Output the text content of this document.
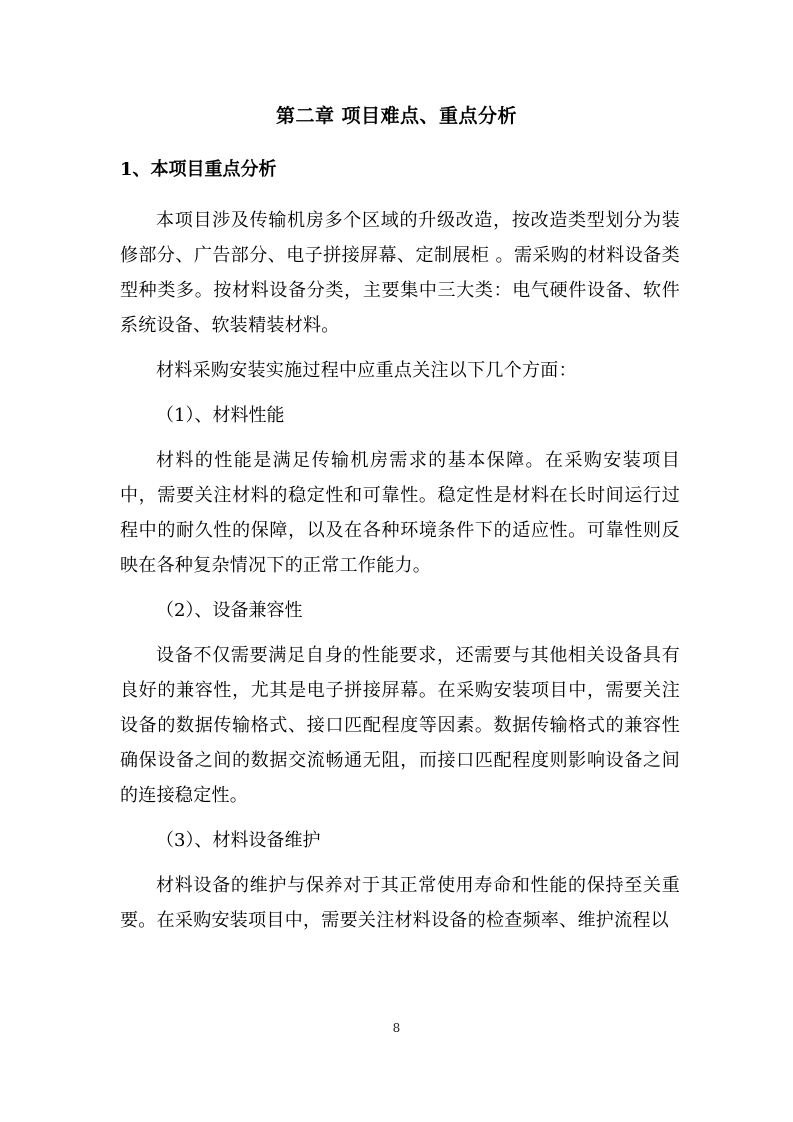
第二章 项目难点、重点分析
1、本项目重点分析

本项目涉及传输机房多个区域的升级改造，按改造类型划分为装修部分、广告部分、电子拼接屏幕、定制展柜 。需采购的材料设备类型种类多。按材料设备分类，主要集中三大类：电气硬件设备、软件系统设备、软装精装材料。

材料采购安装实施过程中应重点关注以下几个方面：

（1）、材料性能

材料的性能是满足传输机房需求的基本保障。在采购安装项目中，需要关注材料的稳定性和可靠性。稳定性是材料在长时间运行过程中的耐久性的保障，以及在各种环境条件下的适应性。可靠性则反映在各种复杂情况下的正常工作能力。

（2）、设备兼容性

设备不仅需要满足自身的性能要求，还需要与其他相关设备具有良好的兼容性，尤其是电子拼接屏幕。在采购安装项目中，需要关注设备的数据传输格式、接口匹配程度等因素。数据传输格式的兼容性确保设备之间的数据交流畅通无阻，而接口匹配程度则影响设备之间的连接稳定性。

（3）、材料设备维护

材料设备的维护与保养对于其正常使用寿命和性能的保持至关重要。在采购安装项目中，需要关注材料设备的检查频率、维护流程以

8
